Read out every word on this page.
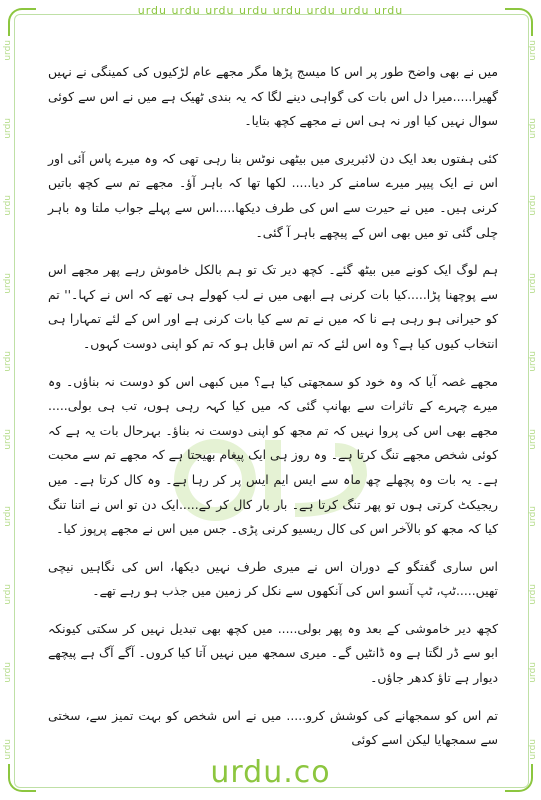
urdu urdu urdu urdu urdu urdu urdu urdu
urdu
urdu
urdu
urdu
urdu
urdu
urdu
urdu
urdu
urdu
urdu
urdu
urdu
urdu
urdu
urdu
urdu
urdu
urdu
urdu

میں نے بھی واضح طور پر اس کا میسج پڑھا مگر مجھے عام لڑکیوں کی کمینگی نے نہیں گھیرا.....میرا دل اس بات کی گواہی دینے لگا کہ یہ بندی ٹھیک ہے میں نے اس سے کوئی سوال نہیں کیا اور نہ ہی اس نے مجھے کچھ بتایا۔

کئی ہفتوں بعد ایک دن لائبریری میں بیٹھی نوٹس بنا رہی تھی کہ وہ میرے پاس آئی اور اس نے ایک پیپر میرے سامنے کر دیا..... لکھا تھا کہ باہر آؤ۔ مجھے تم سے کچھ باتیں کرنی ہیں۔ میں نے حیرت سے اس کی طرف دیکھا.....اس سے پہلے جواب ملتا وہ باہر چلی گئی تو میں بھی اس کے پیچھے باہر آ گئی۔

ہم لوگ ایک کونے میں بیٹھ گئے۔ کچھ دیر تک تو ہم بالکل خاموش رہے پھر مجھے اس سے پوچھنا پڑا.....کیا بات کرنی ہے ابھی میں نے لب کھولے ہی تھے کہ اس نے کہا۔'' تم کو حیرانی ہو رہی ہے نا کہ میں نے تم سے کیا بات کرنی ہے اور اس کے لئے تمہارا ہی انتخاب کیوں کیا ہے؟ وہ اس لئے کہ تم اس قابل ہو کہ تم کو اپنی دوست کہوں۔

مجھے غصہ آیا کہ وہ خود کو سمجھتی کیا ہے؟ میں کبھی اس کو دوست نہ بناؤں۔ وہ میرے چہرے کے تاثرات سے بھانپ گئی کہ میں کیا کہہ رہی ہوں، تب ہی بولی..... مجھے بھی اس کی پروا نہیں کہ تم مجھ کو اپنی دوست نہ بناؤ۔ بہرحال بات یہ ہے کہ کوئی شخص مجھے تنگ کرتا ہے۔ وہ روز ہی ایک پیغام بھیجتا ہے کہ مجھے تم سے محبت ہے۔ یہ بات وہ پچھلے چھ ماہ سے ایس ایم ایس پر کر رہا ہے۔ وہ کال کرتا ہے۔ میں ریجیکٹ کرتی ہوں تو پھر تنگ کرتا ہے۔ بار بار کال کر کے.....ایک دن تو اس نے اتنا تنگ کیا کہ مجھ کو بالآخر اس کی کال ریسیو کرنی پڑی۔ جس میں اس نے مجھے پرپوز کیا۔

اس ساری گفتگو کے دوران اس نے میری طرف نہیں دیکھا، اس کی نگاہیں نیچی تھیں.....ٹپ، ٹپ آنسو اس کی آنکھوں سے نکل کر زمین میں جذب ہو رہے تھے۔

کچھ دیر خاموشی کے بعد وہ پھر بولی..... میں کچھ بھی تبدیل نہیں کر سکتی کیونکہ ابو سے ڈر لگتا ہے وہ ڈانٹیں گے۔ میری سمجھ میں نہیں آتا کیا کروں۔ آگے آگ ہے پیچھے دیوار ہے تاؤ کدھر جاؤں۔

تم اس کو سمجھانے کی کوشش کرو..... میں نے اس شخص کو بہت تمیز سے، سختی سے سمجھایا لیکن اسے کوئی

urdu.co
